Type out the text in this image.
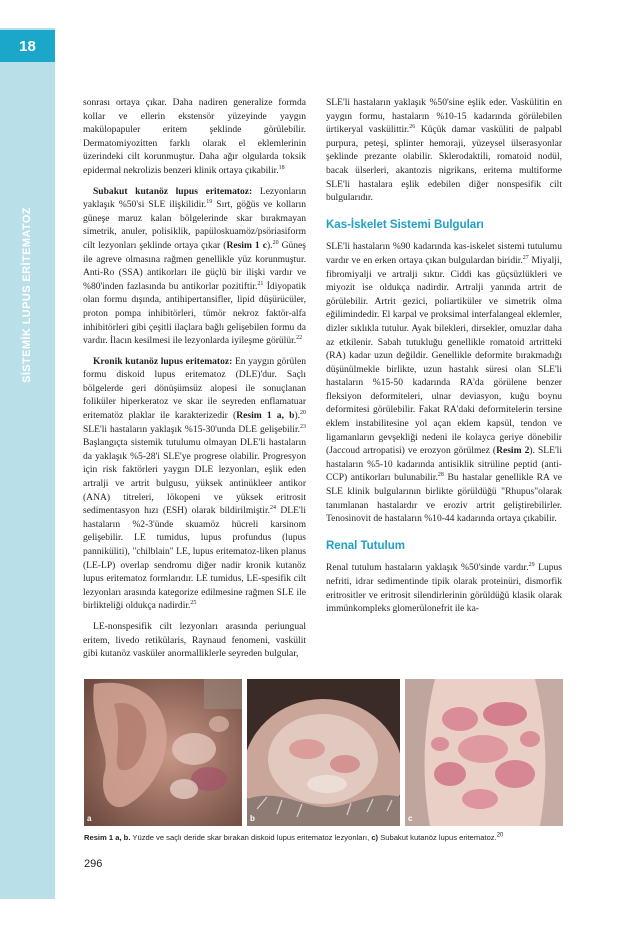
18
SİSTEMİK LUPUS ERİTEMATOZ

sonrası ortaya çıkar. Daha nadiren generalize formda kollar ve ellerin ekstensör yüzeyinde yaygın makülopapuler eritem şeklinde görülebilir. Dermatomiyozitten farklı olarak el eklemlerinin üzerindeki cilt korunmuştur. Daha ağır olgularda toksik epidermal nekrolizis benzeri klinik ortaya çıkabilir.$^{18}$

Subakut kutanöz lupus eritematoz: Lezyonların yaklaşık %50'si SLE ilişkilidir.$^{19}$ Sırt, göğüs ve kolların güneşe maruz kalan bölgelerinde skar bırakmayan simetrik, anuler, polisiklik, papüloskuamöz/psöriasiform cilt lezyonları şeklinde ortaya çıkar (Resim 1 c).$^{20}$ Güneş ile agreve olmasına rağmen genellikle yüz korunmuştur. Anti-Ro (SSA) antikorları ile güçlü bir ilişki vardır ve %80'inden fazlasında bu antikorlar pozitiftir.$^{21}$ İdiyopatik olan formu dışında, antihipertansifler, lipid düşürücüler, proton pompa inhibitörleri, tümör nekroz faktör-alfa inhibitörleri gibi çeşitli ilaçlara bağlı gelişebilen formu da vardır. İlacın kesilmesi ile lezyonlarda iyileşme görülür.$^{22}$

Kronik kutanöz lupus eritematoz: En yaygın görülen formu diskoid lupus eritematoz (DLE)'dur. Saçlı bölgelerde geri dönüşümsüz alopesi ile sonuçlanan foliküler hiperkeratoz ve skar ile seyreden enflamatuar eritematöz plaklar ile karakterizedir (Resim 1 a, b).$^{20}$ SLE'li hastaların yaklaşık %15-30'unda DLE gelişebilir.$^{23}$ Başlangıçta sistemik tutulumu olmayan DLE'li hastaların da yaklaşık %5-28'i SLE'ye progrese olabilir. Progresyon için risk faktörleri yaygın DLE lezyonları, eşlik eden artralji ve artrit bulgusu, yüksek antinükleer antikor (ANA) titreleri, lökopeni ve yüksek eritrosit sedimentasyon hızı (ESH) olarak bildirilmiştir.$^{24}$ DLE'li hastaların %2-3'ünde skuamöz hücreli karsinom gelişebilir. LE tumidus, lupus profundus (lupus panniküliti), "chilblain" LE, lupus eritematoz-liken planus (LE-LP) overlap sendromu diğer nadir kronik kutanöz lupus eritematoz formlarıdır. LE tumidus, LE-spesifik cilt lezyonları arasında kategorize edilmesine rağmen SLE ile birlikteliği oldukça nadirdir.$^{25}$

LE-nonspesifik cilt lezyonları arasında periungual eritem, livedo retikülaris, Raynaud fenomeni, vaskülit gibi kutanöz vasküler anormalliklerle seyreden bulgular,

SLE'li hastaların yaklaşık %50'sine eşlik eder. Vaskülitin en yaygın formu, hastaların %10-15 kadarında görülebilen ürtikeryal vaskülittir.$^{26}$ Küçük damar vasküliti de palpabl purpura, peteşi, splinter hemoraji, yüzeysel ülserasyonlar şeklinde prezante olabilir. Sklerodaktili, romatoid nodül, bacak ülserleri, akantozis nigrikans, eritema multiforme SLE'li hastalara eşlik edebilen diğer nonspesifik cilt bulgularıdır.

Kas-İskelet Sistemi Bulguları

SLE'li hastaların %90 kadarında kas-iskelet sistemi tutulumu vardır ve en erken ortaya çıkan bulgulardan biridir.$^{27}$ Miyalji, fibromiyalji ve artralji sıktır. Ciddi kas güçsüzlükleri ve miyozit ise oldukça nadirdir. Artralji yanında artrit de görülebilir. Artrit gezici, poliartiküler ve simetrik olma eğilimindedir. El karpal ve proksimal interfalangeal eklemler, dizler sıklıkla tutulur. Ayak bilekleri, dirsekler, omuzlar daha az etkilenir. Sabah tutukluğu genellikle romatoid artritteki (RA) kadar uzun değildir. Genellikle deformite bırakmadığı düşünülmekle birlikte, uzun hastalık süresi olan SLE'li hastaların %15-50 kadarında RA'da görülene benzer fleksiyon deformiteleri, ulnar deviasyon, kuğu boynu deformitesi görülebilir. Fakat RA'daki deformitelerin tersine eklem instabilitesine yol açan eklem kapsül, tendon ve ligamanların gevşekliği nedeni ile kolayca geriye dönebilir (Jaccoud artropatisi) ve erozyon görülmez (Resim 2). SLE'li hastaların %5-10 kadarında antisiklik sitrüline peptid (anti-CCP) antikorları bulunabilir.$^{28}$ Bu hastalar genellikle RA ve SLE klinik bulgularının birlikte görüldüğü "Rhupus"olarak tanımlanan hastalardır ve eroziv artrit geliştirebilirler. Tenosinovit de hastaların %10-44 kadarında ortaya çıkabilir.

Renal Tutulum

Renal tutulum hastaların yaklaşık %50'sinde vardır.$^{29}$ Lupus nefriti, idrar sedimentinde tipik olarak proteinüri, dismorfik eritrositler ve eritrosit silendirlerinin görüldüğü klasik olarak immünkompleks glomerülonefrit ile ka-

a	b	c
Resim 1 a, b. Yüzde ve saçlı deride skar bırakan diskoid lupus eritematoz lezyonları, c) Subakut kutanöz lupus eritematoz.$^{20}$
296
